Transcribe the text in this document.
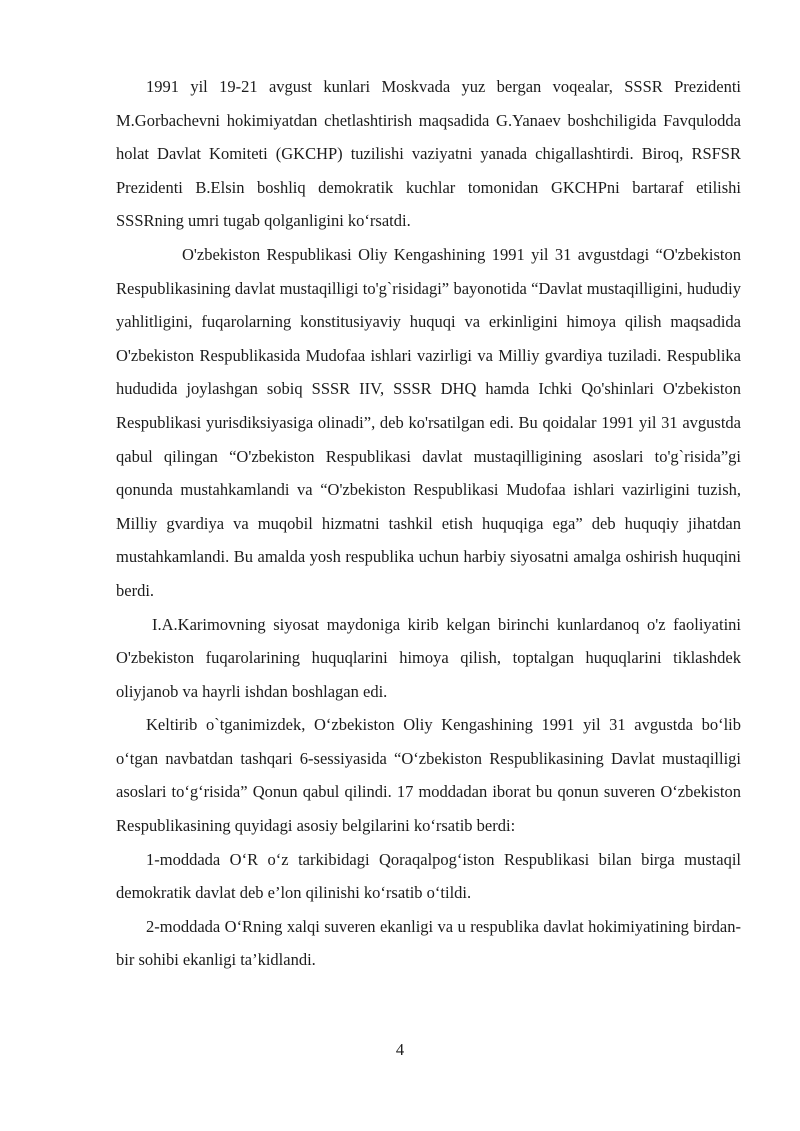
1991 yil 19-21 avgust kunlari Moskvada yuz bergan voqealar, SSSR Prezidenti M.Gorbachevni hokimiyatdan chetlashtirish maqsadida G.Yanaev boshchiligida Favqulodda holat Davlat Komiteti (GKCHP) tuzilishi vaziyatni yanada chigallashtirdi. Biroq, RSFSR Prezidenti B.Elsin boshliq demokratik kuchlar tomonidan GKCHPni bartaraf etilishi SSSRning umri tugab qolganligini ko‘rsatdi.

O'zbekiston Respublikasi Oliy Kengashining 1991 yil 31 avgustdagi “O'zbekiston Respublikasining davlat mustaqilligi to'g`risidagi” bayonotida “Davlat mustaqilligini, hududiy yahlitligini, fuqarolarning konstitusiyaviy huquqi va erkinligini himoya qilish maqsadida O'zbekiston Respublikasida Mudofaa ishlari vazirligi va Milliy gvardiya tuziladi. Respublika hududida joylashgan sobiq SSSR IIV, SSSR DHQ hamda Ichki Qo'shinlari O'zbekiston Respublikasi yurisdiksiyasiga olinadi”, deb ko'rsatilgan edi. Bu qoidalar 1991 yil 31 avgustda qabul qilingan “O'zbekiston Respublikasi davlat mustaqilligining asoslari to'g`risida”gi qonunda mustahkamlandi va “O'zbekiston Respublikasi Mudofaa ishlari vazirligini tuzish, Milliy gvardiya va muqobil hizmatni tashkil etish huquqiga ega” deb huquqiy jihatdan mustahkamlandi. Bu amalda yosh respublika uchun harbiy siyosatni amalga oshirish huquqini berdi.

I.A.Karimovning siyosat maydoniga kirib kelgan birinchi kunlardanoq o'z faoliyatini O'zbekiston fuqarolarining huquqlarini himoya qilish, toptalgan huquqlarini tiklashdek oliyjanob va hayrli ishdan boshlagan edi.

Keltirib o`tganimizdek, O‘zbekiston Oliy Kengashining 1991 yil 31 avgustda bo‘lib o‘tgan navbatdan tashqari 6-sessiyasida “O‘zbekiston Respublikasining Davlat mustaqilligi asoslari to‘g‘risida” Qonun qabul qilindi. 17 moddadan iborat bu qonun suveren O‘zbekiston Respublikasining quyidagi asosiy belgilarini ko‘rsatib berdi:

1-moddada O‘R o‘z tarkibidagi Qoraqalpog‘iston Respublikasi bilan birga mustaqil demokratik davlat deb e’lon qilinishi ko‘rsatib o‘tildi.

2-moddada O‘Rning xalqi suveren ekanligi va u respublika davlat hokimiyatining birdan-bir sohibi ekanligi ta’kidlandi.

4
